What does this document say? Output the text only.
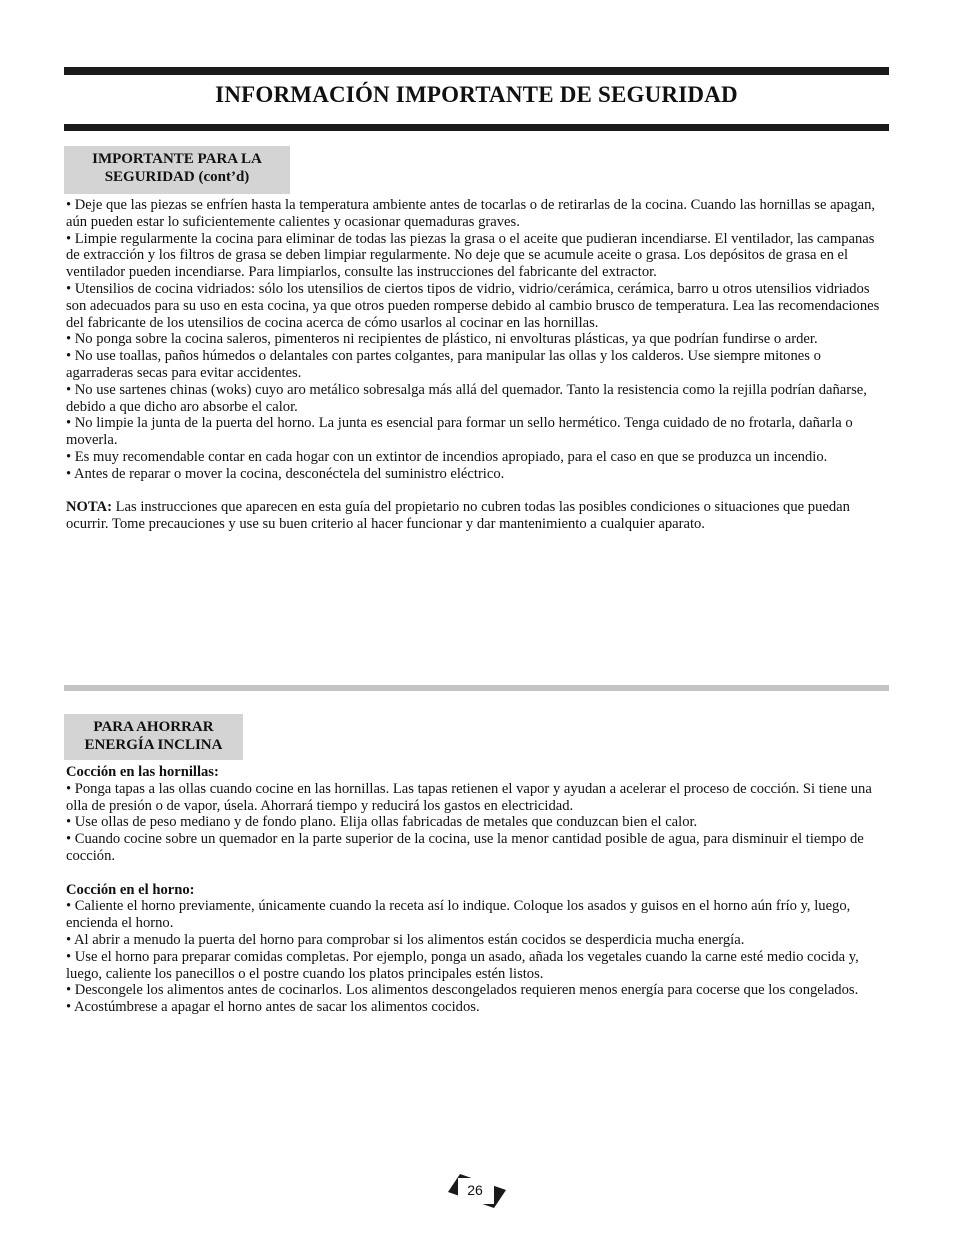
INFORMACIÓN IMPORTANTE DE SEGURIDAD
IMPORTANTE PARA LA
SEGURIDAD (cont’d)

• Deje que las piezas se enfríen hasta la temperatura ambiente antes de tocarlas o de retirarlas de la cocina. Cuando las hornillas se apagan, aún pueden estar lo suficientemente calientes y ocasionar quemaduras graves.

• Limpie regularmente la cocina para eliminar de todas las piezas la grasa o el aceite que pudieran incendiarse. El ventilador, las campanas de extracción y los filtros de grasa se deben limpiar regularmente. No deje que se acumule aceite o grasa. Los depósitos de grasa en el ventilador pueden incendiarse. Para limpiarlos, consulte las instrucciones del fabricante del extractor.

• Utensilios de cocina vidriados: sólo los utensilios de ciertos tipos de vidrio, vidrio/cerámica, cerámica, barro u otros utensilios vidriados son adecuados para su uso en esta cocina, ya que otros pueden romperse debido al cambio brusco de temperatura. Lea las recomendaciones del fabricante de los utensilios de cocina acerca de cómo usarlos al cocinar en las hornillas.

• No ponga sobre la cocina saleros, pimenteros ni recipientes de plástico, ni envolturas plásticas, ya que podrían fundirse o arder.

• No use toallas, paños húmedos o delantales con partes colgantes, para manipular las ollas y los calderos. Use siempre mitones o agarraderas secas para evitar accidentes.

• No use sartenes chinas (woks) cuyo aro metálico sobresalga más allá del quemador. Tanto la resistencia como la rejilla podrían dañarse, debido a que dicho aro absorbe el calor.

• No limpie la junta de la puerta del horno. La junta es esencial para formar un sello hermético. Tenga cuidado de no frotarla, dañarla o moverla.

• Es muy recomendable contar en cada hogar con un extintor de incendios apropiado, para el caso en que se produzca un incendio.

• Antes de reparar o mover la cocina, desconéctela del suministro eléctrico.

NOTA: Las instrucciones que aparecen en esta guía del propietario no cubren todas las posibles condiciones o situaciones que puedan ocurrir. Tome precauciones y use su buen criterio al hacer funcionar y dar mantenimiento a cualquier aparato.

PARA AHORRAR
ENERGÍA INCLINA

Cocción en las hornillas:

• Ponga tapas a las ollas cuando cocine en las hornillas. Las tapas retienen el vapor y ayudan a acelerar el proceso de cocción. Si tiene una olla de presión o de vapor, úsela. Ahorrará tiempo y reducirá los gastos en electricidad.

• Use ollas de peso mediano y de fondo plano. Elija ollas fabricadas de metales que conduzcan bien el calor.

• Cuando cocine sobre un quemador en la parte superior de la cocina, use la menor cantidad posible de agua, para disminuir el tiempo de cocción.

Cocción en el horno:

• Caliente el horno previamente, únicamente cuando la receta así lo indique. Coloque los asados y guisos en el horno aún frío y, luego, encienda el horno.

• Al abrir a menudo la puerta del horno para comprobar si los alimentos están cocidos se desperdicia mucha energía.

• Use el horno para preparar comidas completas. Por ejemplo, ponga un asado, añada los vegetales cuando la carne esté medio cocida y, luego, caliente los panecillos o el postre cuando los platos principales estén listos.

• Descongele los alimentos antes de cocinarlos. Los alimentos descongelados requieren menos energía para cocerse que los congelados.

• Acostúmbrese a apagar el horno antes de sacar los alimentos cocidos.

26
